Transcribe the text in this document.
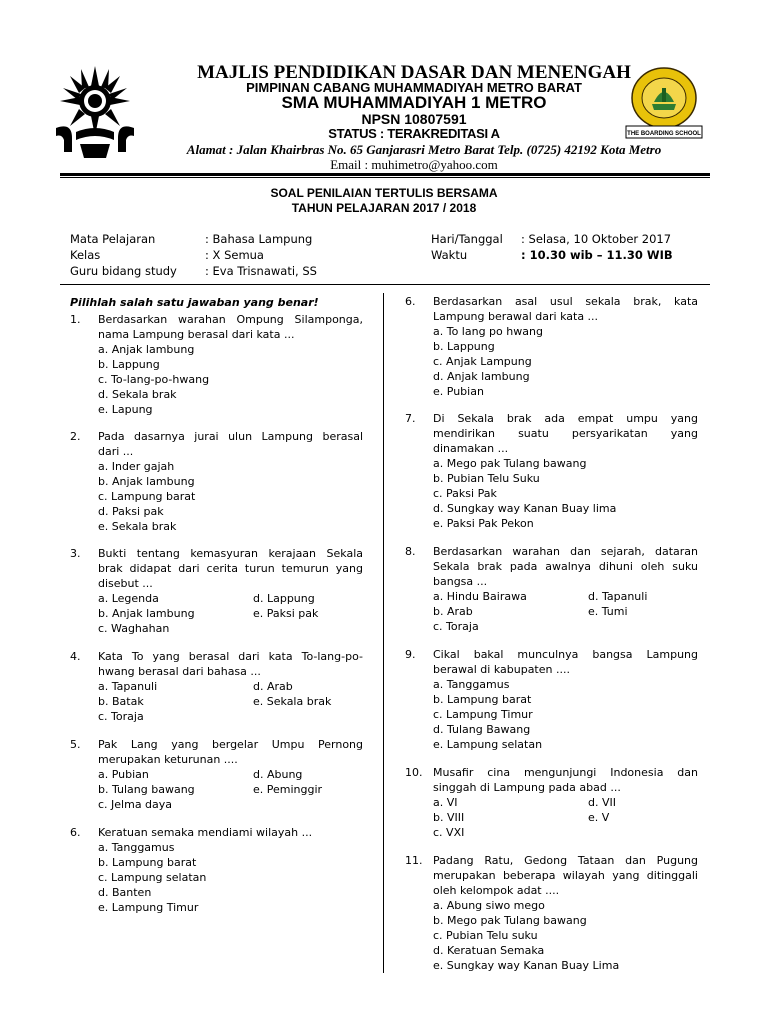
THE BOARDING SCHOOL
MAJLIS PENDIDIKAN DASAR DAN MENENGAH
PIMPINAN CABANG MUHAMMADIYAH METRO BARAT
SMA MUHAMMADIYAH 1 METRO
NPSN 10807591
STATUS : TERAKREDITASI A
Alamat : Jalan Khairbras No. 65 Ganjarasri Metro Barat Telp. (0725) 42192 Kota Metro
Email : muhimetro@yahoo.com
SOAL PENILAIAN TERTULIS BERSAMA
TAHUN PELAJARAN 2017 / 2018
Mata Pelajaran	: Bahasa Lampung
Kelas	: X Semua
Guru bidang study : Eva Trisnawati, SS
Hari/Tanggal : Selasa, 10 Oktober 2017
Waktu	: 10.30 wib – 11.30 WIB
Pilihlah salah satu jawaban yang benar!
1. Berdasarkan warahan Ompung Silamponga,
nama Lampung berasal dari kata ...
a. Anjak lambung
b. Lappung
c. To-lang-po-hwang
d. Sekala brak
e. Lapung
2. Pada dasarnya jurai ulun Lampung berasal
dari ...
a. Inder gajah
b. Anjak lambung
c. Lampung barat
d. Paksi pak
e. Sekala brak
3. Bukti tentang kemasyuran kerajaan Sekala
brak didapat dari cerita turun temurun yang
disebut ...
a. Legenda	d. Lappung
b. Anjak lambung	e. Paksi pak
c. Waghahan
4. Kata To yang berasal dari kata To-lang-po-
hwang berasal dari bahasa ...
a. Tapanuli	d. Arab
b. Batak	e. Sekala brak
c. Toraja
5. Pak Lang yang bergelar Umpu Pernong
merupakan keturunan ....
a. Pubian	d. Abung
b. Tulang bawang	e. Peminggir
c. Jelma daya
6. Keratuan semaka mendiami wilayah ...
a. Tanggamus
b. Lampung barat
c. Lampung selatan
d. Banten
e. Lampung Timur
6. Berdasarkan asal usul sekala brak, kata
Lampung berawal dari kata ...
a. To lang po hwang
b. Lappung
c. Anjak Lampung
d. Anjak lambung
e. Pubian
7. Di Sekala brak ada empat umpu yang
mendirikan suatu persyarikatan yang
dinamakan ...
a. Mego pak Tulang bawang
b. Pubian Telu Suku
c. Paksi Pak
d. Sungkay way Kanan Buay lima
e. Paksi Pak Pekon
8. Berdasarkan warahan dan sejarah, dataran
Sekala brak pada awalnya dihuni oleh suku
bangsa ...
a. Hindu Bairawa	d. Tapanuli
b. Arab	e. Tumi
c. Toraja
9. Cikal bakal munculnya bangsa Lampung
berawal di kabupaten ....
a. Tanggamus
b. Lampung barat
c. Lampung Timur
d. Tulang Bawang
e. Lampung selatan
10. Musafir cina mengunjungi Indonesia dan
singgah di Lampung pada abad ...
a. VI	d. VII
b. VIII	e. V
c. VXI
11. Padang Ratu, Gedong Tataan dan Pugung
merupakan beberapa wilayah yang ditinggali
oleh kelompok adat ....
a. Abung siwo mego
b. Mego pak Tulang bawang
c. Pubian Telu suku
d. Keratuan Semaka
e. Sungkay way Kanan Buay Lima
